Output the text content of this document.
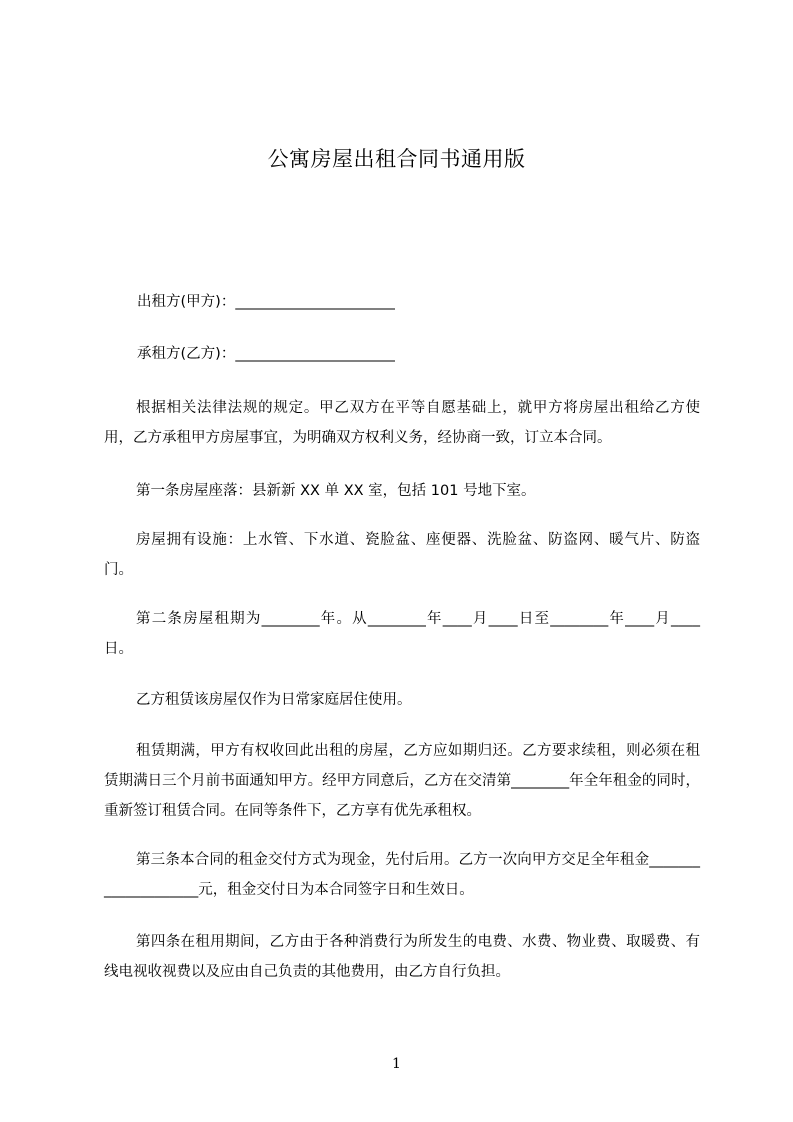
公寓房屋出租合同书通用版
出租方(甲方)：______________________
承租方(乙方)：______________________
根据相关法律法规的规定。甲乙双方在平等自愿基础上，就甲方将房屋出租给乙方使用，乙方承租甲方房屋事宜，为明确双方权利义务，经协商一致，订立本合同。
第一条房屋座落：县新新 XX 单 XX 室，包括 101 号地下室。
房屋拥有设施：上水管、下水道、瓷脸盆、座便器、洗脸盆、防盗网、暖气片、防盗门。
第二条房屋租期为________年。从________年____月____日至________年____月____日。
乙方租赁该房屋仅作为日常家庭居住使用。
租赁期满，甲方有权收回此出租的房屋，乙方应如期归还。乙方要求续租，则必须在租赁期满日三个月前书面通知甲方。经甲方同意后，乙方在交清第________年全年租金的同时，重新签订租赁合同。在同等条件下，乙方享有优先承租权。
第三条本合同的租金交付方式为现金，先付后用。乙方一次向甲方交足全年租金____________________元，租金交付日为本合同签字日和生效日。
第四条在租用期间，乙方由于各种消费行为所发生的电费、水费、物业费、取暖费、有线电视收视费以及应由自己负责的其他费用，由乙方自行负担。
1
